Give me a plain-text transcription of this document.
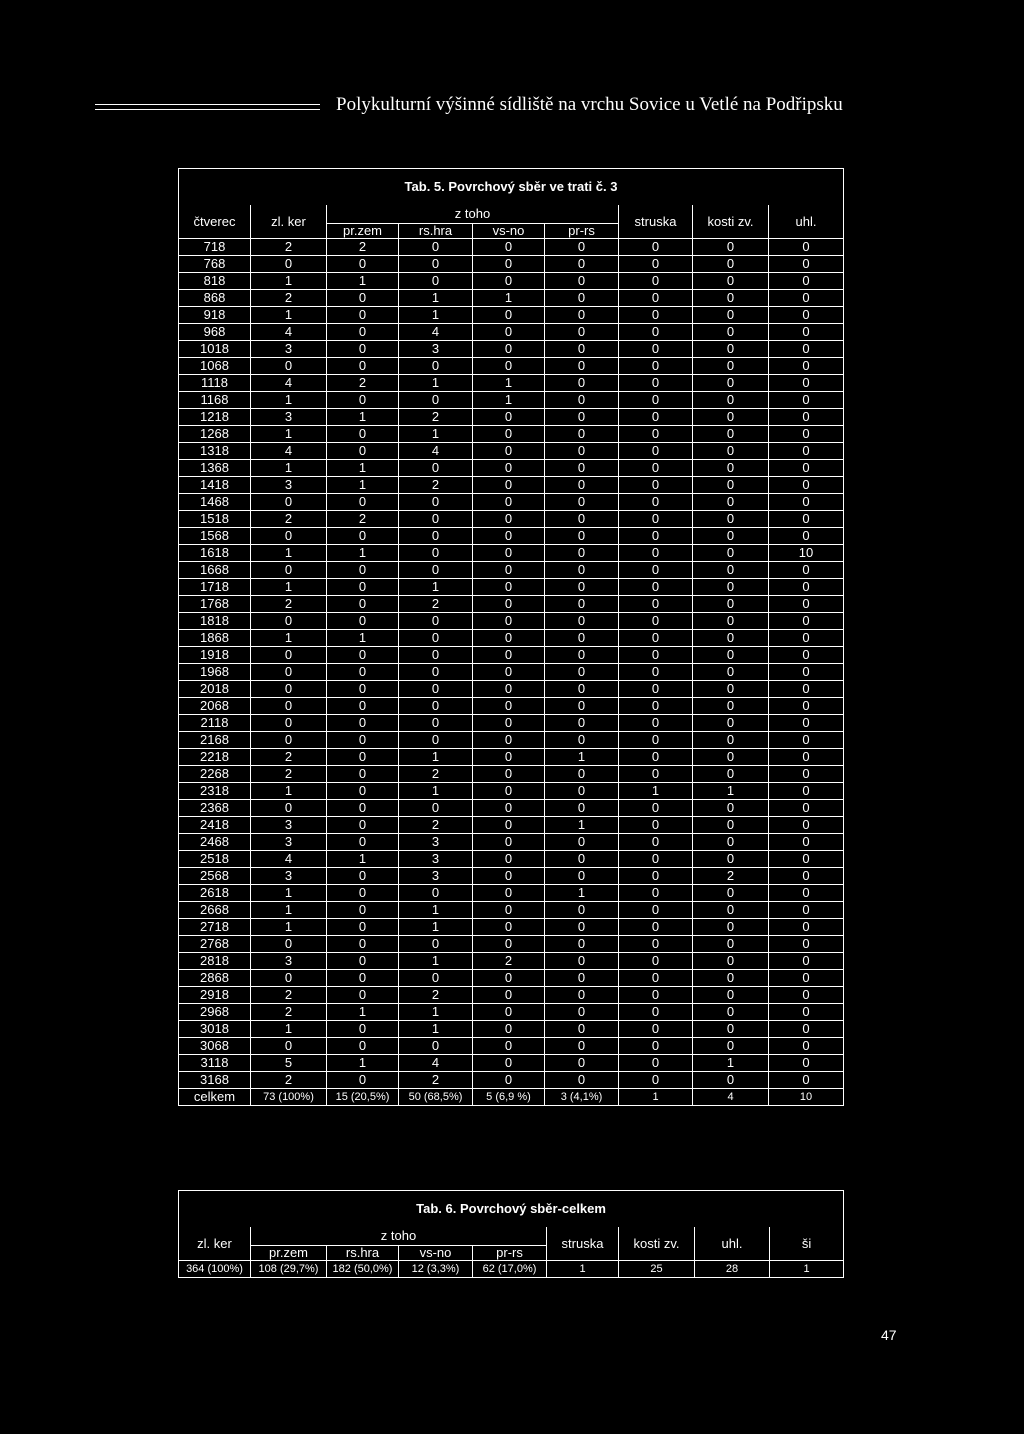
Polykulturní výšinné sídliště na vrchu Sovice u Vetlé na Podřipsku
Tab. 5. Povrchový sběr ve trati č. 3								
čtverec	zl. ker	z toho				struska	kosti zv.	uhl.
		pr.zem	rs.hra	vs-no	pr-rs			
718	2	2	0	0	0	0	0	0
768	0	0	0	0	0	0	0	0
818	1	1	0	0	0	0	0	0
868	2	0	1	1	0	0	0	0
918	1	0	1	0	0	0	0	0
968	4	0	4	0	0	0	0	0
1018	3	0	3	0	0	0	0	0
1068	0	0	0	0	0	0	0	0
1118	4	2	1	1	0	0	0	0
1168	1	0	0	1	0	0	0	0
1218	3	1	2	0	0	0	0	0
1268	1	0	1	0	0	0	0	0
1318	4	0	4	0	0	0	0	0
1368	1	1	0	0	0	0	0	0
1418	3	1	2	0	0	0	0	0
1468	0	0	0	0	0	0	0	0
1518	2	2	0	0	0	0	0	0
1568	0	0	0	0	0	0	0	0
1618	1	1	0	0	0	0	0	10
1668	0	0	0	0	0	0	0	0
1718	1	0	1	0	0	0	0	0
1768	2	0	2	0	0	0	0	0
1818	0	0	0	0	0	0	0	0
1868	1	1	0	0	0	0	0	0
1918	0	0	0	0	0	0	0	0
1968	0	0	0	0	0	0	0	0
2018	0	0	0	0	0	0	0	0
2068	0	0	0	0	0	0	0	0
2118	0	0	0	0	0	0	0	0
2168	0	0	0	0	0	0	0	0
2218	2	0	1	0	1	0	0	0
2268	2	0	2	0	0	0	0	0
2318	1	0	1	0	0	1	1	0
2368	0	0	0	0	0	0	0	0
2418	3	0	2	0	1	0	0	0
2468	3	0	3	0	0	0	0	0
2518	4	1	3	0	0	0	0	0
2568	3	0	3	0	0	0	2	0
2618	1	0	0	0	1	0	0	0
2668	1	0	1	0	0	0	0	0
2718	1	0	1	0	0	0	0	0
2768	0	0	0	0	0	0	0	0
2818	3	0	1	2	0	0	0	0
2868	0	0	0	0	0	0	0	0
2918	2	0	2	0	0	0	0	0
2968	2	1	1	0	0	0	0	0
3018	1	0	1	0	0	0	0	0
3068	0	0	0	0	0	0	0	0
3118	5	1	4	0	0	0	1	0
3168	2	0	2	0	0	0	0	0
celkem	73 (100%)	15 (20,5%)	50 (68,5%)	5 (6,9 %)	3 (4,1%)	1	4	10
Tab. 6. Povrchový sběr-celkem								
zl. ker	z toho				struska	kosti zv.	uhl.	ši
	pr.zem	rs.hra	vs-no	pr-rs				
364 (100%)	108 (29,7%)	182 (50,0%)	12 (3,3%)	62 (17,0%)	1	25	28	1
47
